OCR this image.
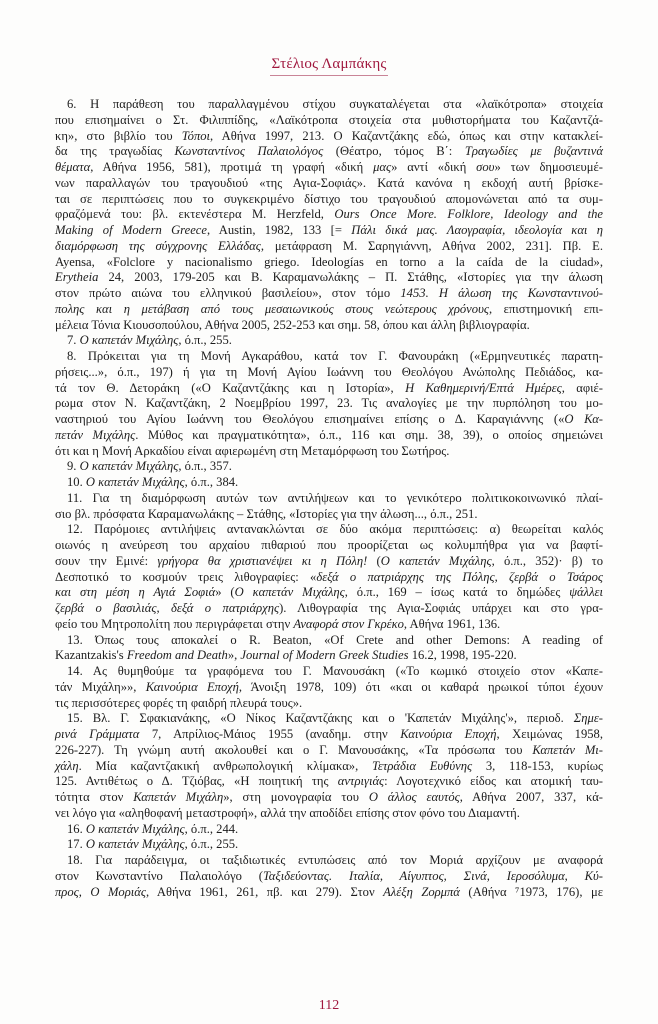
Στέλιος Λαμπάκης
6. Η παράθεση του παραλλαγμένου στίχου συγκαταλέγεται στα «λαϊκότροπα» στοιχεία
που επισημαίνει ο Στ. Φιλιππίδης, «Λαϊκότροπα στοιχεία στα μυθιστορήματα του Καζαντζά-
κη», στο βιβλίο του Τόποι, Αθήνα 1997, 213. Ο Καζαντζάκης εδώ, όπως και στην κατακλεί-
δα της τραγωδίας Κωνσταντίνος Παλαιολόγος (Θέατρο, τόμος Β΄: Τραγωδίες με βυζαντινά
θέματα, Αθήνα 1956, 581), προτιμά τη γραφή «δική μας» αντί «δική σου» των δημοσιευμέ-
νων παραλλαγών του τραγουδιού «της Αγια-Σοφιάς». Κατά κανόνα η εκδοχή αυτή βρίσκε-
ται σε περιπτώσεις που το συγκεκριμένο δίστιχο του τραγουδιού απομονώνεται από τα συμ-
φραζόμενά του: βλ. εκτενέστερα M. Herzfeld, Ours Once More. Folklore, Ideology and the
Making of Modern Greece, Austin, 1982, 133 [= Πάλι δικά μας. Λαογραφία, ιδεολογία και η
διαμόρφωση της σύγχρονης Ελλάδας, μετάφραση Μ. Σαρηγιάννη, Αθήνα 2002, 231]. Πβ. E.
Ayensa, «Folclore y nacionalismo griego. Ideologías en torno a la caída de la ciudad»,
Erytheia 24, 2003, 179-205 και Β. Καραμανωλάκης – Π. Στάθης, «Ιστορίες για την άλωση
στον πρώτο αιώνα του ελληνικού βασιλείου», στον τόμο 1453. Η άλωση της Κωνσταντινού-
πολης και η μετάβαση από τους μεσαιωνικούς στους νεώτερους χρόνους, επιστημονική επι-
μέλεια Τόνια Κιουσοπούλου, Αθήνα 2005, 252-253 και σημ. 58, όπου και άλλη βιβλιογραφία.
7. Ο καπετάν Μιχάλης, ό.π., 255.
8. Πρόκειται για τη Μονή Αγκαράθου, κατά τον Γ. Φανουράκη («Ερμηνευτικές παρατη-
ρήσεις...», ό.π., 197) ή για τη Μονή Αγίου Ιωάννη του Θεολόγου Ανώπολης Πεδιάδος, κα-
τά τον Θ. Δετοράκη («Ο Καζαντζάκης και η Ιστορία», Η Καθημερινή/Επτά Ημέρες, αφιέ-
ρωμα στον Ν. Καζαντζάκη, 2 Νοεμβρίου 1997, 23. Τις αναλογίες με την πυρπόληση του μο-
ναστηριού του Αγίου Ιωάννη του Θεολόγου επισημαίνει επίσης ο Δ. Καραγιάννης («Ο Κα-
πετάν Μιχάλης. Μύθος και πραγματικότητα», ό.π., 116 και σημ. 38, 39), ο οποίος σημειώνει
ότι και η Μονή Αρκαδίου είναι αφιερωμένη στη Μεταμόρφωση του Σωτήρος.
9. Ο καπετάν Μιχάλης, ό.π., 357.
10. Ο καπετάν Μιχάλης, ό.π., 384.
11. Για τη διαμόρφωση αυτών των αντιλήψεων και το γενικότερο πολιτικοκοινωνικό πλαί-
σιο βλ. πρόσφατα Καραμανωλάκης – Στάθης, «Ιστορίες για την άλωση..., ό.π., 251.
12. Παρόμοιες αντιλήψεις αντανακλώνται σε δύο ακόμα περιπτώσεις: α) θεωρείται καλός
οιωνός η ανεύρεση του αρχαίου πιθαριού που προορίζεται ως κολυμπήθρα για να βαφτί-
σουν την Εμινέ: γρήγορα θα χριστιανέψει κι η Πόλη! (Ο καπετάν Μιχάλης, ό.π., 352)· β) το
Δεσποτικό το κοσμούν τρεις λιθογραφίες: «δεξά ο πατριάρχης της Πόλης, ζερβά ο Τσάρος
και στη μέση η Αγιά Σοφιά» (Ο καπετάν Μιχάλης, ό.π., 169 – ίσως κατά το δημώδες ψάλλει
ζερβά ο βασιλιάς, δεξά ο πατριάρχης). Λιθογραφία της Αγια-Σοφιάς υπάρχει και στο γρα-
φείο του Μητροπολίτη που περιγράφεται στην Αναφορά στον Γκρέκο, Αθήνα 1961, 136.
13. Όπως τους αποκαλεί ο R. Beaton, «Of Crete and other Demons: A reading of
Kazantzakis's Freedom and Death», Journal of Modern Greek Studies 16.2, 1998, 195-220.
14. Ας θυμηθούμε τα γραφόμενα του Γ. Μανουσάκη («Το κωμικό στοιχείο στον «Καπε-
τάν Μιχάλη»», Καινούρια Εποχή, Άνοιξη 1978, 109) ότι «και οι καθαρά ηρωικοί τύποι έχουν
τις περισσότερες φορές τη φαιδρή πλευρά τους».
15. Βλ. Γ. Σφακιανάκης, «Ο Νίκος Καζαντζάκης και ο 'Καπετάν Μιχάλης'», περιοδ. Σημε-
ρινά Γράμματα 7, Απρίλιος-Μάιος 1955 (αναδημ. στην Καινούρια Εποχή, Χειμώνας 1958,
226-227). Τη γνώμη αυτή ακολουθεί και ο Γ. Μανουσάκης, «Τα πρόσωπα του Καπετάν Μι-
χάλη. Μία καζαντζακική ανθρωπολογική κλίμακα», Τετράδια Ευθύνης 3, 118-153, κυρίως
125. Αντιθέτως ο Δ. Τζιόβας, «Η ποιητική της αντριγιάς: Λογοτεχνικό είδος και ατομική ταυ-
τότητα στον Καπετάν Μιχάλη», στη μονογραφία του Ο άλλος εαυτός, Αθήνα 2007, 337, κά-
νει λόγο για «αληθοφανή μεταστροφή», αλλά την αποδίδει επίσης στον φόνο του Διαμαντή.
16. Ο καπετάν Μιχάλης, ό.π., 244.
17. Ο καπετάν Μιχάλης, ό.π., 255.
18. Για παράδειγμα, οι ταξιδιωτικές εντυπώσεις από τον Μοριά αρχίζουν με αναφορά
στον Κωνσταντίνο Παλαιολόγο (Ταξιδεύοντας. Ιταλία, Αίγυπτος, Σινά, Ιεροσόλυμα, Κύ-
προς, Ο Μοριάς, Αθήνα 1961, 261, πβ. και 279). Στον Αλέξη Ζορμπά (Αθήνα ⁷1973, 176), με
112
